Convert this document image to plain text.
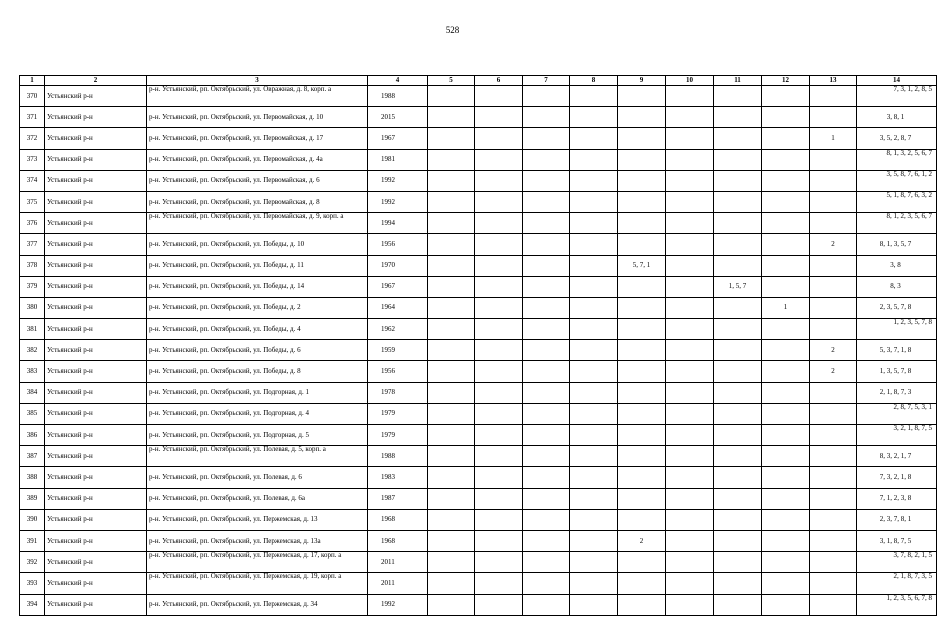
528
1	2	3	4	5	6	7	8	9	10	11	12	13	14
370	Устьянский р-н	р-н. Устьянский, рп. Октябрьский, ул. Овражная, д. 8, корп. а	1988										7, 3, 1, 2, 8, 5
371	Устьянский р-н	р-н. Устьянский, рп. Октябрьский, ул. Первомайская, д. 10	2015										3, 8, 1
372	Устьянский р-н	р-н. Устьянский, рп. Октябрьский, ул. Первомайская, д. 17	1967									1	3, 5, 2, 8, 7
373	Устьянский р-н	р-н. Устьянский, рп. Октябрьский, ул. Первомайская, д. 4а	1981										8, 1, 3, 2, 5, 6, 7
374	Устьянский р-н	р-н. Устьянский, рп. Октябрьский, ул. Первомайская, д. 6	1992										3, 5, 8, 7, 6, 1, 2
375	Устьянский р-н	р-н. Устьянский, рп. Октябрьский, ул. Первомайская, д. 8	1992										5, 1, 8, 7, 6, 3, 2
376	Устьянский р-н	р-н. Устьянский, рп. Октябрьский, ул. Первомайская, д. 9, корп. а	1994										8, 1, 2, 3, 5, 6, 7
377	Устьянский р-н	р-н. Устьянский, рп. Октябрьский, ул. Победы, д. 10	1956									2	8, 1, 3, 5, 7
378	Устьянский р-н	р-н. Устьянский, рп. Октябрьский, ул. Победы, д. 11	1970					5, 7, 1					3, 8
379	Устьянский р-н	р-н. Устьянский, рп. Октябрьский, ул. Победы, д. 14	1967							1, 5, 7			8, 3
380	Устьянский р-н	р-н. Устьянский, рп. Октябрьский, ул. Победы, д. 2	1964								1		2, 3, 5, 7, 8
381	Устьянский р-н	р-н. Устьянский, рп. Октябрьский, ул. Победы, д. 4	1962										1, 2, 3, 5, 7, 8
382	Устьянский р-н	р-н. Устьянский, рп. Октябрьский, ул. Победы, д. 6	1959									2	5, 3, 7, 1, 8
383	Устьянский р-н	р-н. Устьянский, рп. Октябрьский, ул. Победы, д. 8	1956									2	1, 3, 5, 7, 8
384	Устьянский р-н	р-н. Устьянский, рп. Октябрьский, ул. Подгорная, д. 1	1978										2, 1, 8, 7, 3
385	Устьянский р-н	р-н. Устьянский, рп. Октябрьский, ул. Подгорная, д. 4	1979										2, 8, 7, 5, 3, 1
386	Устьянский р-н	р-н. Устьянский, рп. Октябрьский, ул. Подгорная, д. 5	1979										3, 2, 1, 8, 7, 5
387	Устьянский р-н	р-н. Устьянский, рп. Октябрьский, ул. Полевая, д. 5, корп. а	1988										8, 3, 2, 1, 7
388	Устьянский р-н	р-н. Устьянский, рп. Октябрьский, ул. Полевая, д. 6	1983										7, 3, 2, 1, 8
389	Устьянский р-н	р-н. Устьянский, рп. Октябрьский, ул. Полевая, д. 6а	1987										7, 1, 2, 3, 8
390	Устьянский р-н	р-н. Устьянский, рп. Октябрьский, ул. Пержемская, д. 13	1968										2, 3, 7, 8, 1
391	Устьянский р-н	р-н. Устьянский, рп. Октябрьский, ул. Пержемская, д. 13а	1968					2					3, 1, 8, 7, 5
392	Устьянский р-н	р-н. Устьянский, рп. Октябрьский, ул. Пержемская, д. 17, корп. а	2011										3, 7, 8, 2, 1, 5
393	Устьянский р-н	р-н. Устьянский, рп. Октябрьский, ул. Пержемская, д. 19, корп. а	2011										2, 1, 8, 7, 3, 5
394	Устьянский р-н	р-н. Устьянский, рп. Октябрьский, ул. Пержемская, д. 34	1992										1, 2, 3, 5, 6, 7, 8
